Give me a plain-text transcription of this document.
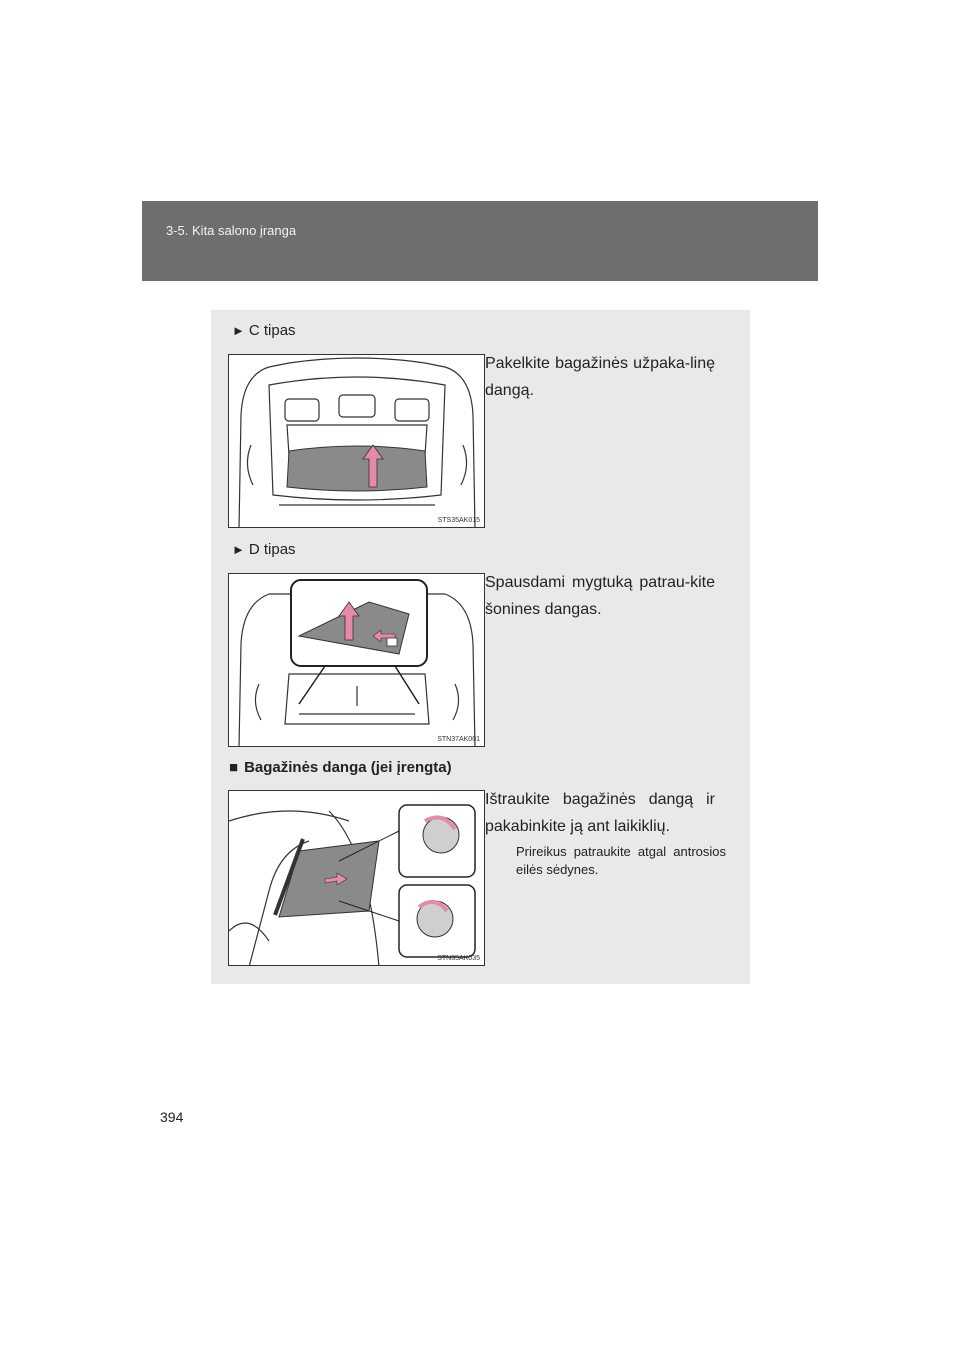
3-5. Kita salono įranga
► C tipas
STS35AK015
Pakelkite bagažinės užpaka-linę dangą.
► D tipas
STN37AK001
Spausdami mygtuką patrau-kite šonines dangas.
■ Bagažinės danga (jei įrengta)
STN35AK035
Ištraukite bagažinės dangą ir pakabinkite ją ant laikiklių.
Prireikus patraukite atgal antrosios eilės sėdynes.
394
